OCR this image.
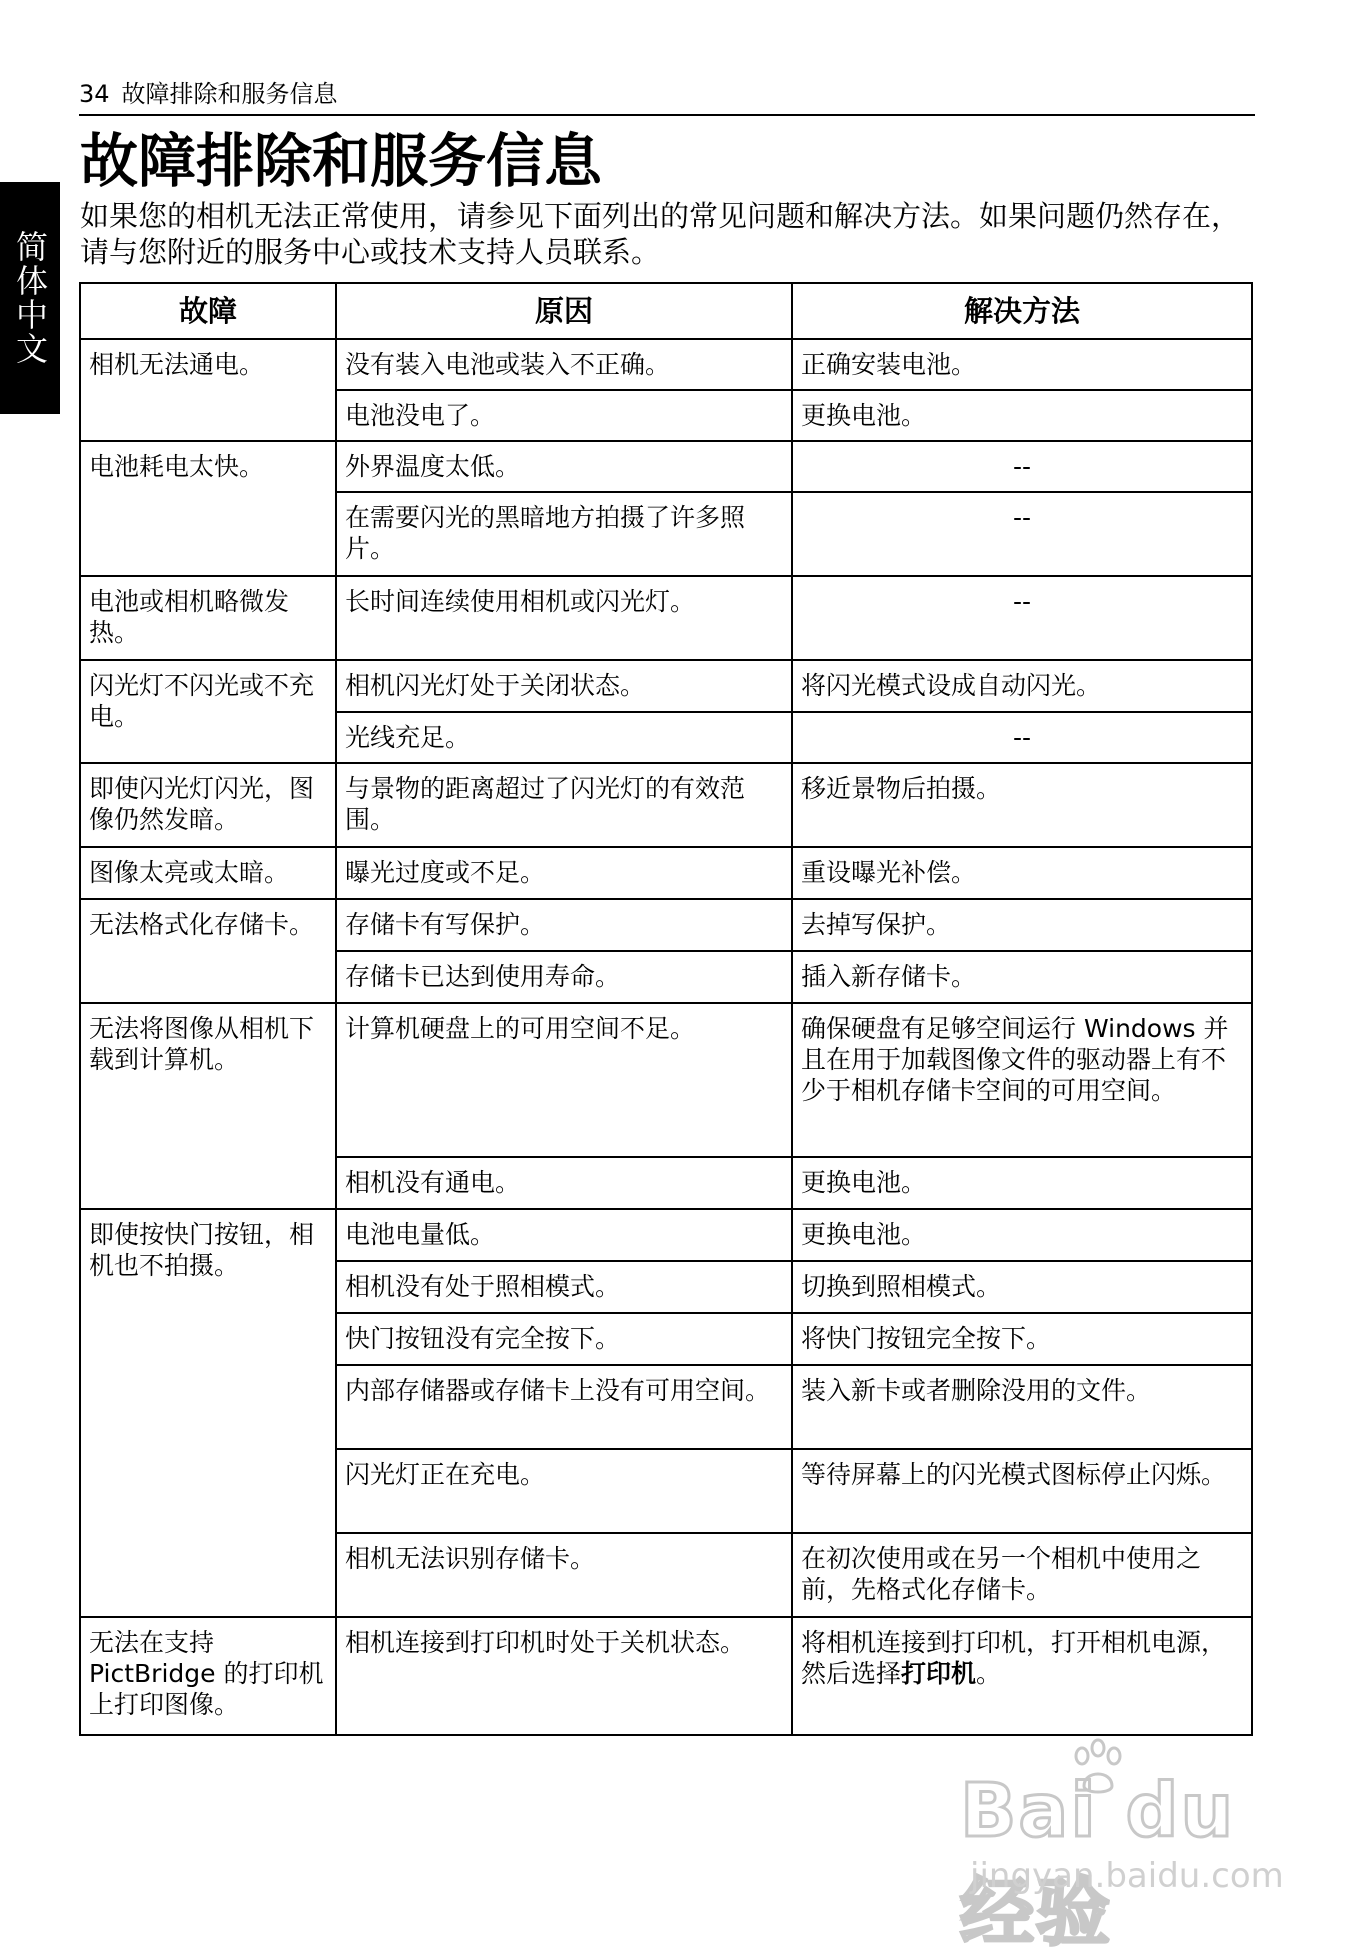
34 故障排除和服务信息
简体中文
故障排除和服务信息

如果您的相机无法正常使用，请参见下面列出的常见问题和解决方法。如果问题仍然存在，请与您附近的服务中心或技术支持人员联系。

故障	原因	解决方法
相机无法通电。	没有装入电池或装入不正确。	正确安装电池。
	电池没电了。	更换电池。
电池耗电太快。	外界温度太低。	--
	在需要闪光的黑暗地方拍摄了许多照片。	--
电池或相机略微发热。	长时间连续使用相机或闪光灯。	--
闪光灯不闪光或不充电。	相机闪光灯处于关闭状态。	将闪光模式设成自动闪光。
	光线充足。	--
即使闪光灯闪光，图像仍然发暗。	与景物的距离超过了闪光灯的有效范围。	移近景物后拍摄。
图像太亮或太暗。	曝光过度或不足。	重设曝光补偿。
无法格式化存储卡。	存储卡有写保护。	去掉写保护。
	存储卡已达到使用寿命。	插入新存储卡。
无法将图像从相机下载到计算机。	计算机硬盘上的可用空间不足。	确保硬盘有足够空间运行 Windows 并且在用于加载图像文件的驱动器上有不少于相机存储卡空间的可用空间。
	相机没有通电。	更换电池。
即使按快门按钮，相机也不拍摄。	电池电量低。	更换电池。
	相机没有处于照相模式。	切换到照相模式。
	快门按钮没有完全按下。	将快门按钮完全按下。
	内部存储器或存储卡上没有可用空间。	装入新卡或者删除没用的文件。
	闪光灯正在充电。	等待屏幕上的闪光模式图标停止闪烁。
	相机无法识别存储卡。	在初次使用或在另一个相机中使用之前，先格式化存储卡。
无法在支持 PictBridge 的打印机上打印图像。	相机连接到打印机时处于关机状态。	将相机连接到打印机，打开相机电源，然后选择打印机。
Bai du 经验
jingyan.baidu.com
